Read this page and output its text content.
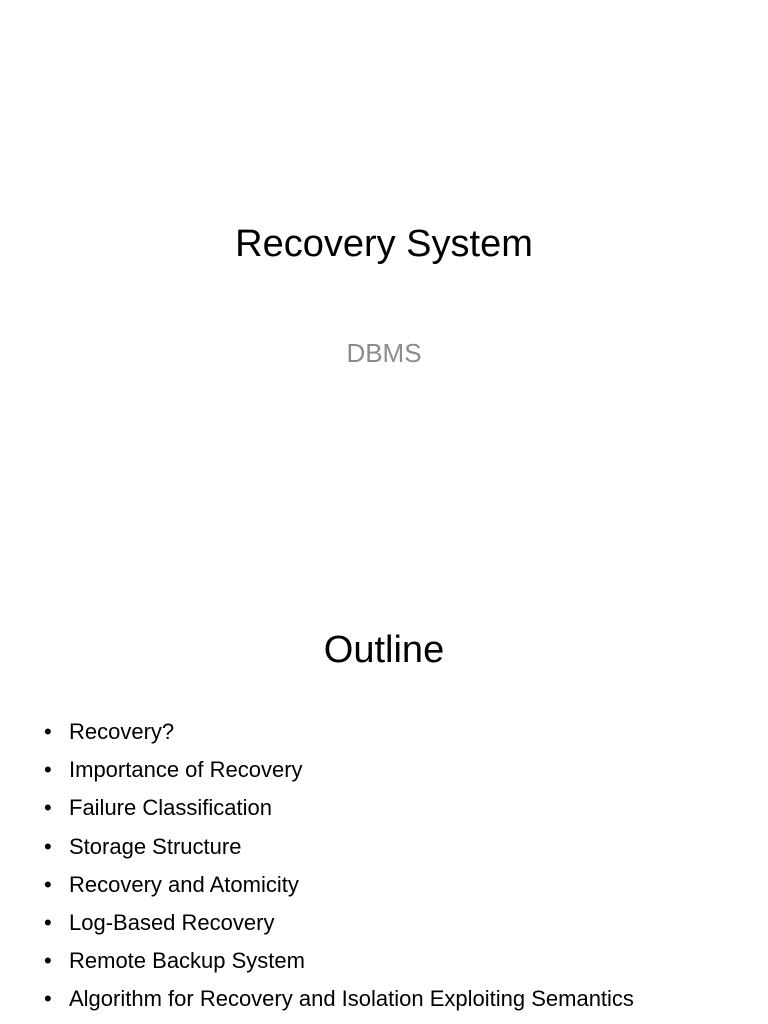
Recovery System
DBMS
Outline
• Recovery?
• Importance of Recovery
• Failure Classification
• Storage Structure
• Recovery and Atomicity
• Log-Based Recovery
• Remote Backup System
• Algorithm for Recovery and Isolation Exploiting Semantics
